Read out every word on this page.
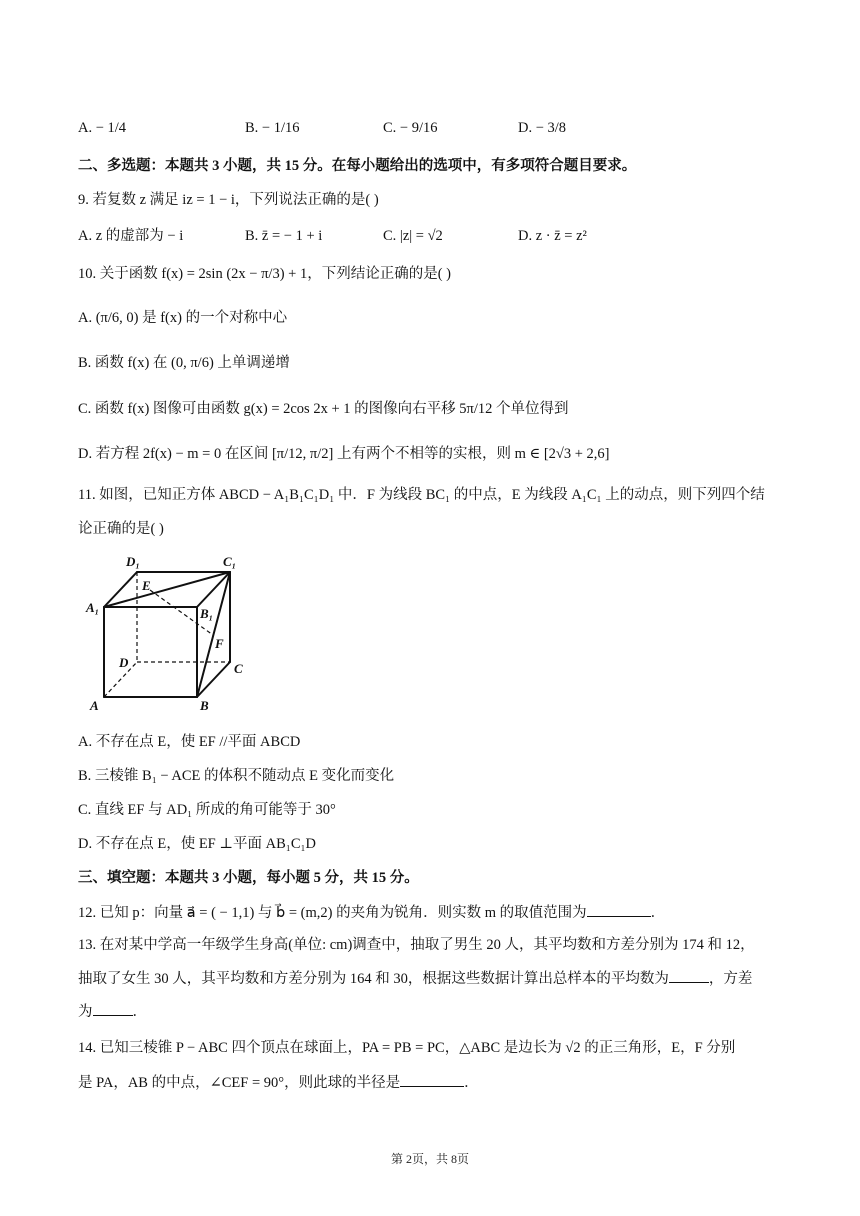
A. − 1/4	B. − 1/16	C. − 9/16	D. − 3/8
二、多选题：本题共 3 小题，共 15 分。在每小题给出的选项中，有多项符合题目要求。
9. 若复数 z 满足 iz = 1 − i，下列说法正确的是( )
A. z 的虚部为 − i	B. z̄ = − 1 + i	C. |z| = √2	D. z · z̄ = z²
10. 关于函数 f(x) = 2sin (2x − π/3) + 1，下列结论正确的是( )
A. (π/6, 0) 是 f(x) 的一个对称中心
B. 函数 f(x) 在 (0, π/6) 上单调递增
C. 函数 f(x) 图像可由函数 g(x) = 2cos 2x + 1 的图像向右平移 5π/12 个单位得到
D. 若方程 2f(x) − m = 0 在区间 [π/12, π/2] 上有两个不相等的实根，则 m ∈ [2√3 + 2,6]
11. 如图，已知正方体 ABCD − A₁B₁C₁D₁ 中．F 为线段 BC₁ 的中点，E 为线段 A₁C₁ 上的动点，则下列四个结
论正确的是( )
D₁	C₁
A₁	B₁
E
F
D	C
A	B
A. 不存在点 E，使 EF //平面 ABCD
B. 三棱锥 B₁ − ACE 的体积不随动点 E 变化而变化
C. 直线 EF 与 AD₁ 所成的角可能等于 30°
D. 不存在点 E，使 EF ⊥平面 AB₁C₁D
三、填空题：本题共 3 小题，每小题 5 分，共 15 分。
12. 已知 p：向量 a⃗ = ( − 1,1) 与 b⃗ = (m,2) 的夹角为锐角．则实数 m 的取值范围为	．
13. 在对某中学高一年级学生身高(单位: cm)调查中，抽取了男生 20 人，其平均数和方差分别为 174 和 12，
抽取了女生 30 人，其平均数和方差分别为 164 和 30，根据这些数据计算出总样本的平均数为	，方差
为	．
14. 已知三棱锥 P − ABC 四个顶点在球面上，PA = PB = PC，△ABC 是边长为 √2 的正三角形，E，F 分别
是 PA，AB 的中点，∠CEF = 90°，则此球的半径是	．
第 2页，共 8页
